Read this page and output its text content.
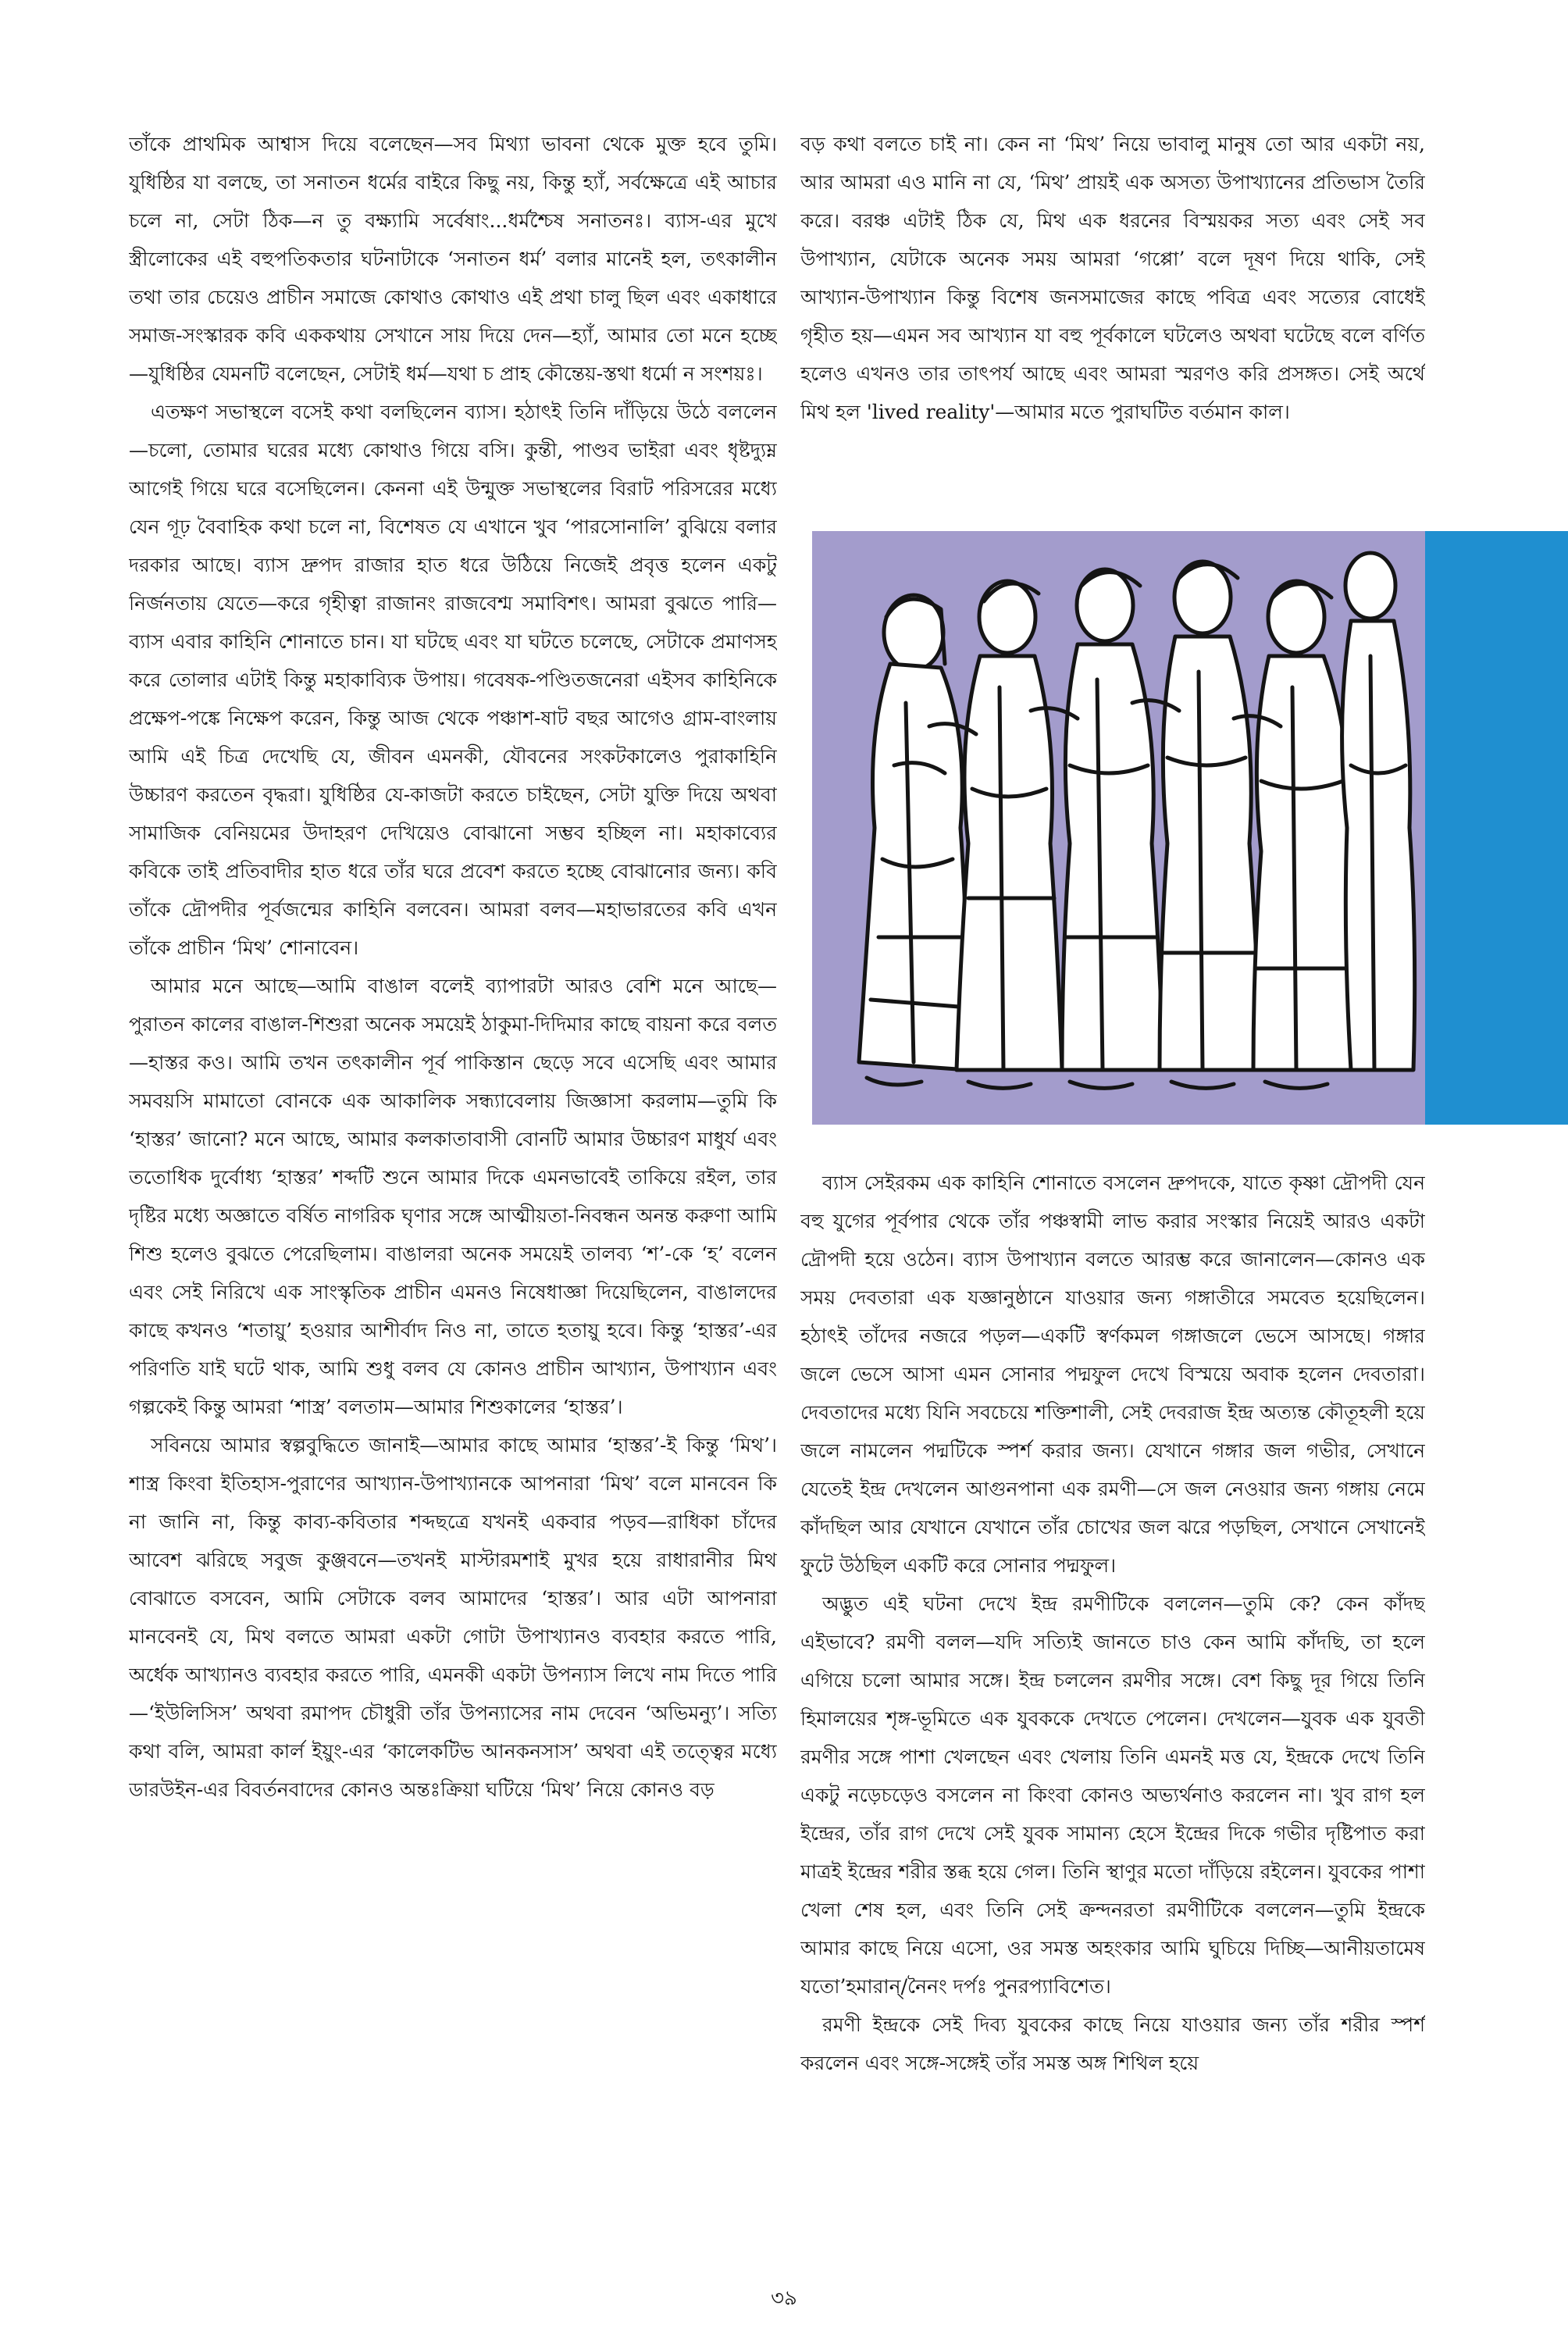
তাঁকে প্রাথমিক আশ্বাস দিয়ে বলেছেন—সব মিথ্যা ভাবনা থেকে মুক্ত হবে তুমি। যুধিষ্ঠির যা বলছে, তা সনাতন ধর্মের বাইরে কিছু নয়, কিন্তু হ্যাঁ, সর্বক্ষেত্রে এই আচার চলে না, সেটা ঠিক—ন তু বক্ষ্যামি সর্বেষাং...ধর্মশ্চৈষ সনাতনঃ। ব্যাস-এর মুখে স্ত্রীলোকের এই বহুপতিকতার ঘটনাটাকে ‘সনাতন ধর্ম’ বলার মানেই হল, তৎকালীন তথা তার চেয়েও প্রাচীন সমাজে কোথাও কোথাও এই প্রথা চালু ছিল এবং একাধারে সমাজ-সংস্কারক কবি এককথায় সেখানে সায় দিয়ে দেন—হ্যাঁ, আমার তো মনে হচ্ছে—যুধিষ্ঠির যেমনটি বলেছেন, সেটাই ধর্ম—যথা চ প্রাহ কৌন্তেয়-স্তথা ধর্মো ন সংশয়ঃ।

এতক্ষণ সভাস্থলে বসেই কথা বলছিলেন ব্যাস। হঠাৎই তিনি দাঁড়িয়ে উঠে বললেন—চলো, তোমার ঘরের মধ্যে কোথাও গিয়ে বসি। কুন্তী, পাণ্ডব ভাইরা এবং ধৃষ্টদ্যুম্ন আগেই গিয়ে ঘরে বসেছিলেন। কেননা এই উন্মুক্ত সভাস্থলের বিরাট পরিসরের মধ্যে যেন গূঢ় বৈবাহিক কথা চলে না, বিশেষত যে এখানে খুব ‘পারসোনালি’ বুঝিয়ে বলার দরকার আছে। ব্যাস দ্রুপদ রাজার হাত ধরে উঠিয়ে নিজেই প্রবৃত্ত হলেন একটু নির্জনতায় যেতে—করে গৃহীত্বা রাজানং রাজবেশ্ম সমাবিশৎ। আমরা বুঝতে পারি—ব্যাস এবার কাহিনি শোনাতে চান। যা ঘটছে এবং যা ঘটতে চলেছে, সেটাকে প্রমাণসহ করে তোলার এটাই কিন্তু মহাকাব্যিক উপায়। গবেষক-পণ্ডিতজনেরা এইসব কাহিনিকে প্রক্ষেপ-পঙ্কে নিক্ষেপ করেন, কিন্তু আজ থেকে পঞ্চাশ-ষাট বছর আগেও গ্রাম-বাংলায় আমি এই চিত্র দেখেছি যে, জীবন এমনকী, যৌবনের সংকটকালেও পুরাকাহিনি উচ্চারণ করতেন বৃদ্ধরা। যুধিষ্ঠির যে-কাজটা করতে চাইছেন, সেটা যুক্তি দিয়ে অথবা সামাজিক বেনিয়মের উদাহরণ দেখিয়েও বোঝানো সম্ভব হচ্ছিল না। মহাকাব্যের কবিকে তাই প্রতিবাদীর হাত ধরে তাঁর ঘরে প্রবেশ করতে হচ্ছে বোঝানোর জন্য। কবি তাঁকে দ্রৌপদীর পূর্বজন্মের কাহিনি বলবেন। আমরা বলব—মহাভারতের কবি এখন তাঁকে প্রাচীন ‘মিথ’ শোনাবেন।

আমার মনে আছে—আমি বাঙাল বলেই ব্যাপারটা আরও বেশি মনে আছে—পুরাতন কালের বাঙাল-শিশুরা অনেক সময়েই ঠাকুমা-দিদিমার কাছে বায়না করে বলত—হাস্তর কও। আমি তখন তৎকালীন পূর্ব পাকিস্তান ছেড়ে সবে এসেছি এবং আমার সমবয়সি মামাতো বোনকে এক আকালিক সন্ধ্যাবেলায় জিজ্ঞাসা করলাম—তুমি কি ‘হাস্তর’ জানো? মনে আছে, আমার কলকাতাবাসী বোনটি আমার উচ্চারণ মাধুর্য এবং ততোধিক দুর্বোধ্য ‘হাস্তর’ শব্দটি শুনে আমার দিকে এমনভাবেই তাকিয়ে রইল, তার দৃষ্টির মধ্যে অজ্ঞাতে বর্ষিত নাগরিক ঘৃণার সঙ্গে আত্মীয়তা-নিবন্ধন অনন্ত করুণা আমি শিশু হলেও বুঝতে পেরেছিলাম। বাঙালরা অনেক সময়েই তালব্য ‘শ’-কে ‘হ’ বলেন এবং সেই নিরিখে এক সাংস্কৃতিক প্রাচীন এমনও নিষেধাজ্ঞা দিয়েছিলেন, বাঙালদের কাছে কখনও ‘শতায়ু’ হওয়ার আশীর্বাদ নিও না, তাতে হতায়ু হবে। কিন্তু ‘হাস্তর’-এর পরিণতি যাই ঘটে থাক, আমি শুধু বলব যে কোনও প্রাচীন আখ্যান, উপাখ্যান এবং গল্পকেই কিন্তু আমরা ‘শাস্ত্র’ বলতাম—আমার শিশুকালের ‘হাস্তর’।

সবিনয়ে আমার স্বল্পবুদ্ধিতে জানাই—আমার কাছে আমার ‘হাস্তর’-ই কিন্তু ‘মিথ’। শাস্ত্র কিংবা ইতিহাস-পুরাণের আখ্যান-উপাখ্যানকে আপনারা ‘মিথ’ বলে মানবেন কি না জানি না, কিন্তু কাব্য-কবিতার শব্দছত্রে যখনই একবার পড়ব—রাধিকা চাঁদের আবেশ ঝরিছে সবুজ কুঞ্জবনে—তখনই মাস্টারমশাই মুখর হয়ে রাধারানীর মিথ বোঝাতে বসবেন, আমি সেটাকে বলব আমাদের ‘হাস্তর’। আর এটা আপনারা মানবেনই যে, মিথ বলতে আমরা একটা গোটা উপাখ্যানও ব্যবহার করতে পারি, অর্ধেক আখ্যানও ব্যবহার করতে পারি, এমনকী একটা উপন্যাস লিখে নাম দিতে পারি—‘ইউলিসিস’ অথবা রমাপদ চৌধুরী তাঁর উপন্যাসের নাম দেবেন ‘অভিমন্যু’। সত্যি কথা বলি, আমরা কার্ল ইয়ুং-এর ‘কালেকটিভ আনকনসাস’ অথবা এই তত্ত্বের মধ্যে ডারউইন-এর বিবর্তনবাদের কোনও অন্তঃক্রিয়া ঘটিয়ে ‘মিথ’ নিয়ে কোনও বড়

বড় কথা বলতে চাই না। কেন না ‘মিথ’ নিয়ে ভাবালু মানুষ তো আর একটা নয়, আর আমরা এও মানি না যে, ‘মিথ’ প্রায়ই এক অসত্য উপাখ্যানের প্রতিভাস তৈরি করে। বরঞ্চ এটাই ঠিক যে, মিথ এক ধরনের বিস্ময়কর সত্য এবং সেই সব উপাখ্যান, যেটাকে অনেক সময় আমরা ‘গপ্পো’ বলে দূষণ দিয়ে থাকি, সেই আখ্যান-উপাখ্যান কিন্তু বিশেষ জনসমাজের কাছে পবিত্র এবং সত্যের বোধেই গৃহীত হয়—এমন সব আখ্যান যা বহু পূর্বকালে ঘটলেও অথবা ঘটেছে বলে বর্ণিত হলেও এখনও তার তাৎপর্য আছে এবং আমরা স্মরণও করি প্রসঙ্গত। সেই অর্থে মিথ হল 'lived reality'—আমার মতে পুরাঘটিত বর্তমান কাল।

ব্যাস সেইরকম এক কাহিনি শোনাতে বসলেন দ্রুপদকে, যাতে কৃষ্ণা দ্রৌপদী যেন বহু যুগের পূর্বপার থেকে তাঁর পঞ্চস্বামী লাভ করার সংস্কার নিয়েই আরও একটা দ্রৌপদী হয়ে ওঠেন। ব্যাস উপাখ্যান বলতে আরম্ভ করে জানালেন—কোনও এক সময় দেবতারা এক যজ্ঞানুষ্ঠানে যাওয়ার জন্য গঙ্গাতীরে সমবেত হয়েছিলেন। হঠাৎই তাঁদের নজরে পড়ল—একটি স্বর্ণকমল গঙ্গাজলে ভেসে আসছে। গঙ্গার জলে ভেসে আসা এমন সোনার পদ্মফুল দেখে বিস্ময়ে অবাক হলেন দেবতারা। দেবতাদের মধ্যে যিনি সবচেয়ে শক্তিশালী, সেই দেবরাজ ইন্দ্র অত্যন্ত কৌতূহলী হয়ে জলে নামলেন পদ্মটিকে স্পর্শ করার জন্য। যেখানে গঙ্গার জল গভীর, সেখানে যেতেই ইন্দ্র দেখলেন আগুনপানা এক রমণী—সে জল নেওয়ার জন্য গঙ্গায় নেমে কাঁদছিল আর যেখানে যেখানে তাঁর চোখের জল ঝরে পড়ছিল, সেখানে সেখানেই ফুটে উঠছিল একটি করে সোনার পদ্মফুল।

অদ্ভুত এই ঘটনা দেখে ইন্দ্র রমণীটিকে বললেন—তুমি কে? কেন কাঁদছ এইভাবে? রমণী বলল—যদি সত্যিই জানতে চাও কেন আমি কাঁদছি, তা হলে এগিয়ে চলো আমার সঙ্গে। ইন্দ্র চললেন রমণীর সঙ্গে। বেশ কিছু দূর গিয়ে তিনি হিমালয়ের শৃঙ্গ-ভূমিতে এক যুবককে দেখতে পেলেন। দেখলেন—যুবক এক যুবতী রমণীর সঙ্গে পাশা খেলছেন এবং খেলায় তিনি এমনই মত্ত যে, ইন্দ্রকে দেখে তিনি একটু নড়েচড়েও বসলেন না কিংবা কোনও অভ্যর্থনাও করলেন না। খুব রাগ হল ইন্দ্রের, তাঁর রাগ দেখে সেই যুবক সামান্য হেসে ইন্দ্রের দিকে গভীর দৃষ্টিপাত করা মাত্রই ইন্দ্রের শরীর স্তব্ধ হয়ে গেল। তিনি স্থাণুর মতো দাঁড়িয়ে রইলেন। যুবকের পাশা খেলা শেষ হল, এবং তিনি সেই ক্রন্দনরতা রমণীটিকে বললেন—তুমি ইন্দ্রকে আমার কাছে নিয়ে এসো, ওর সমস্ত অহংকার আমি ঘুচিয়ে দিচ্ছি—আনীয়তামেষ যতো’হমারান্/নৈনং দর্পঃ পুনরপ্যাবিশেত।

রমণী ইন্দ্রকে সেই দিব্য যুবকের কাছে নিয়ে যাওয়ার জন্য তাঁর শরীর স্পর্শ করলেন এবং সঙ্গে-সঙ্গেই তাঁর সমস্ত অঙ্গ শিথিল হয়ে

৩৯
